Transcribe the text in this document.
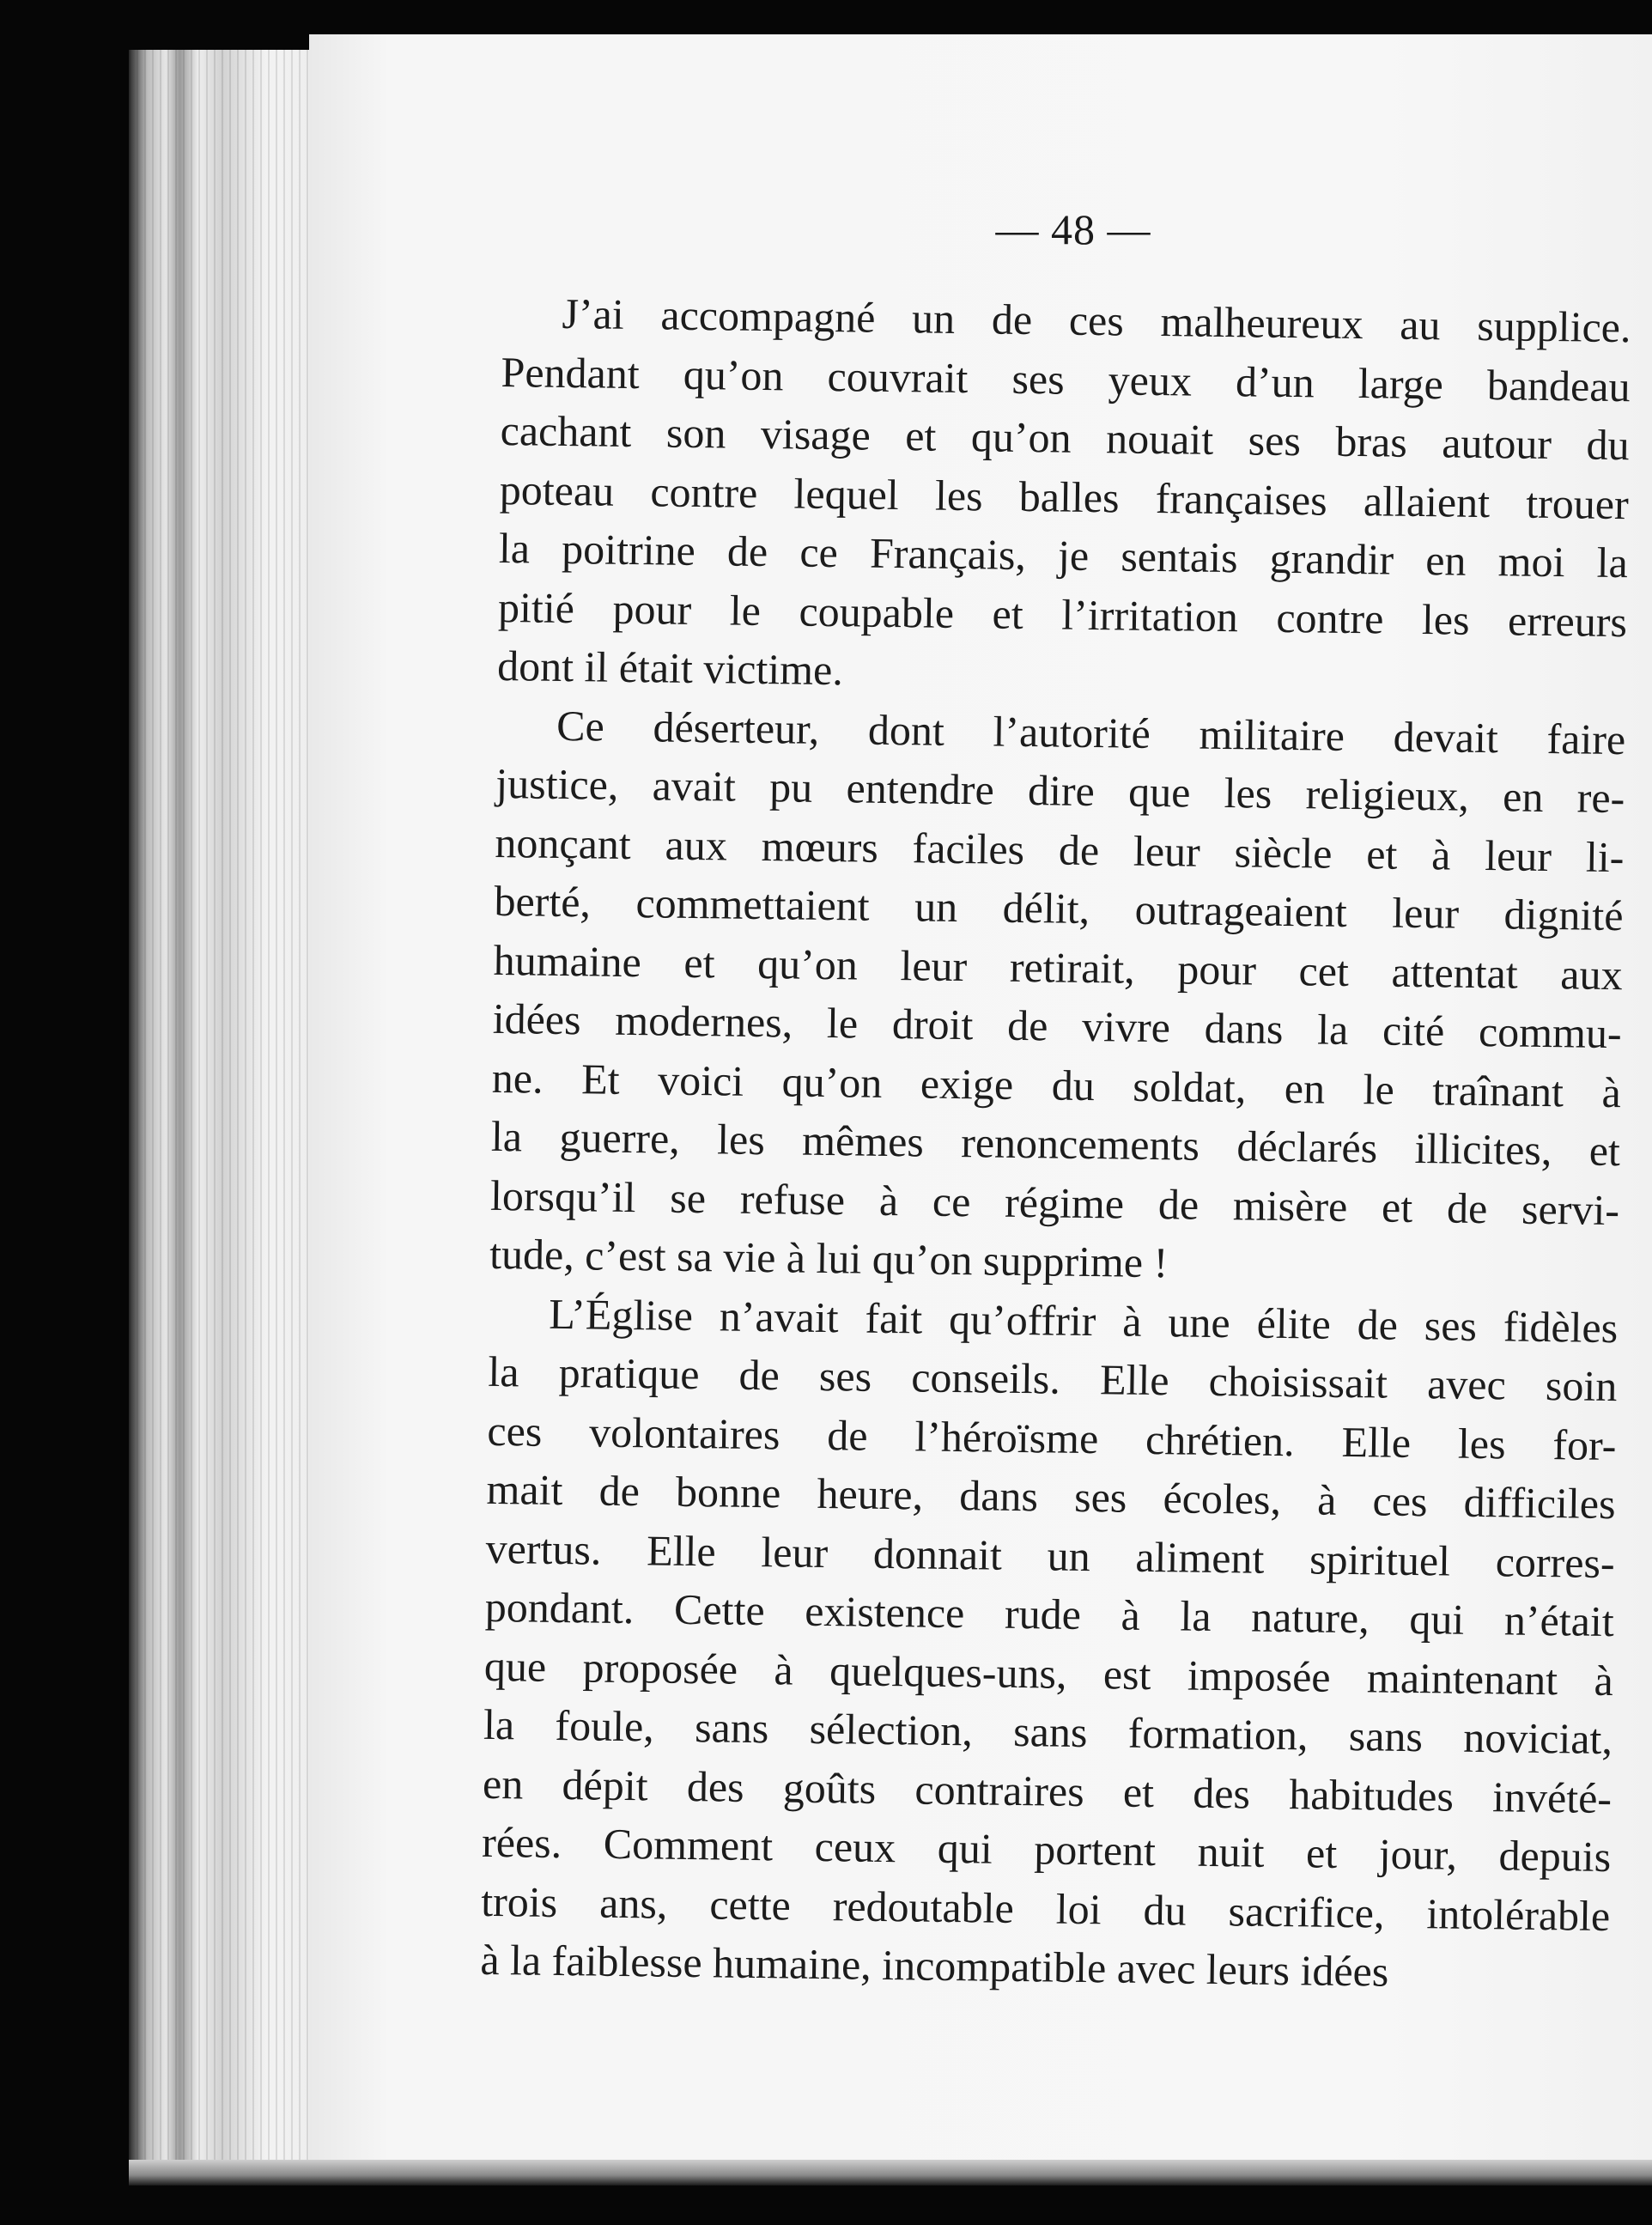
— 48 —
J’ai accompagné un de ces malheureux au supplice.
Pendant qu’on couvrait ses yeux d’un large bandeau
cachant son visage et qu’on nouait ses bras autour du
poteau contre lequel les balles françaises allaient trouer
la poitrine de ce Français, je sentais grandir en moi la
pitié pour le coupable et l’irritation contre les erreurs
dont il était victime.
Ce déserteur, dont l’autorité militaire devait faire
justice, avait pu entendre dire que les religieux, en re-
nonçant aux mœurs faciles de leur siècle et à leur li-
berté, commettaient un délit, outrageaient leur dignité
humaine et qu’on leur retirait, pour cet attentat aux
idées modernes, le droit de vivre dans la cité commu-
ne. Et voici qu’on exige du soldat, en le traînant à
la guerre, les mêmes renoncements déclarés illicites, et
lorsqu’il se refuse à ce régime de misère et de servi-
tude, c’est sa vie à lui qu’on supprime !
L’Église n’avait fait qu’offrir à une élite de ses fidèles
la pratique de ses conseils. Elle choisissait avec soin
ces volontaires de l’héroïsme chrétien. Elle les for-
mait de bonne heure, dans ses écoles, à ces difficiles
vertus. Elle leur donnait un aliment spirituel corres-
pondant. Cette existence rude à la nature, qui n’était
que proposée à quelques-uns, est imposée maintenant à
la foule, sans sélection, sans formation, sans noviciat,
en dépit des goûts contraires et des habitudes invété-
rées. Comment ceux qui portent nuit et jour, depuis
trois ans, cette redoutable loi du sacrifice, intolérable
à la faiblesse humaine, incompatible avec leurs idées
